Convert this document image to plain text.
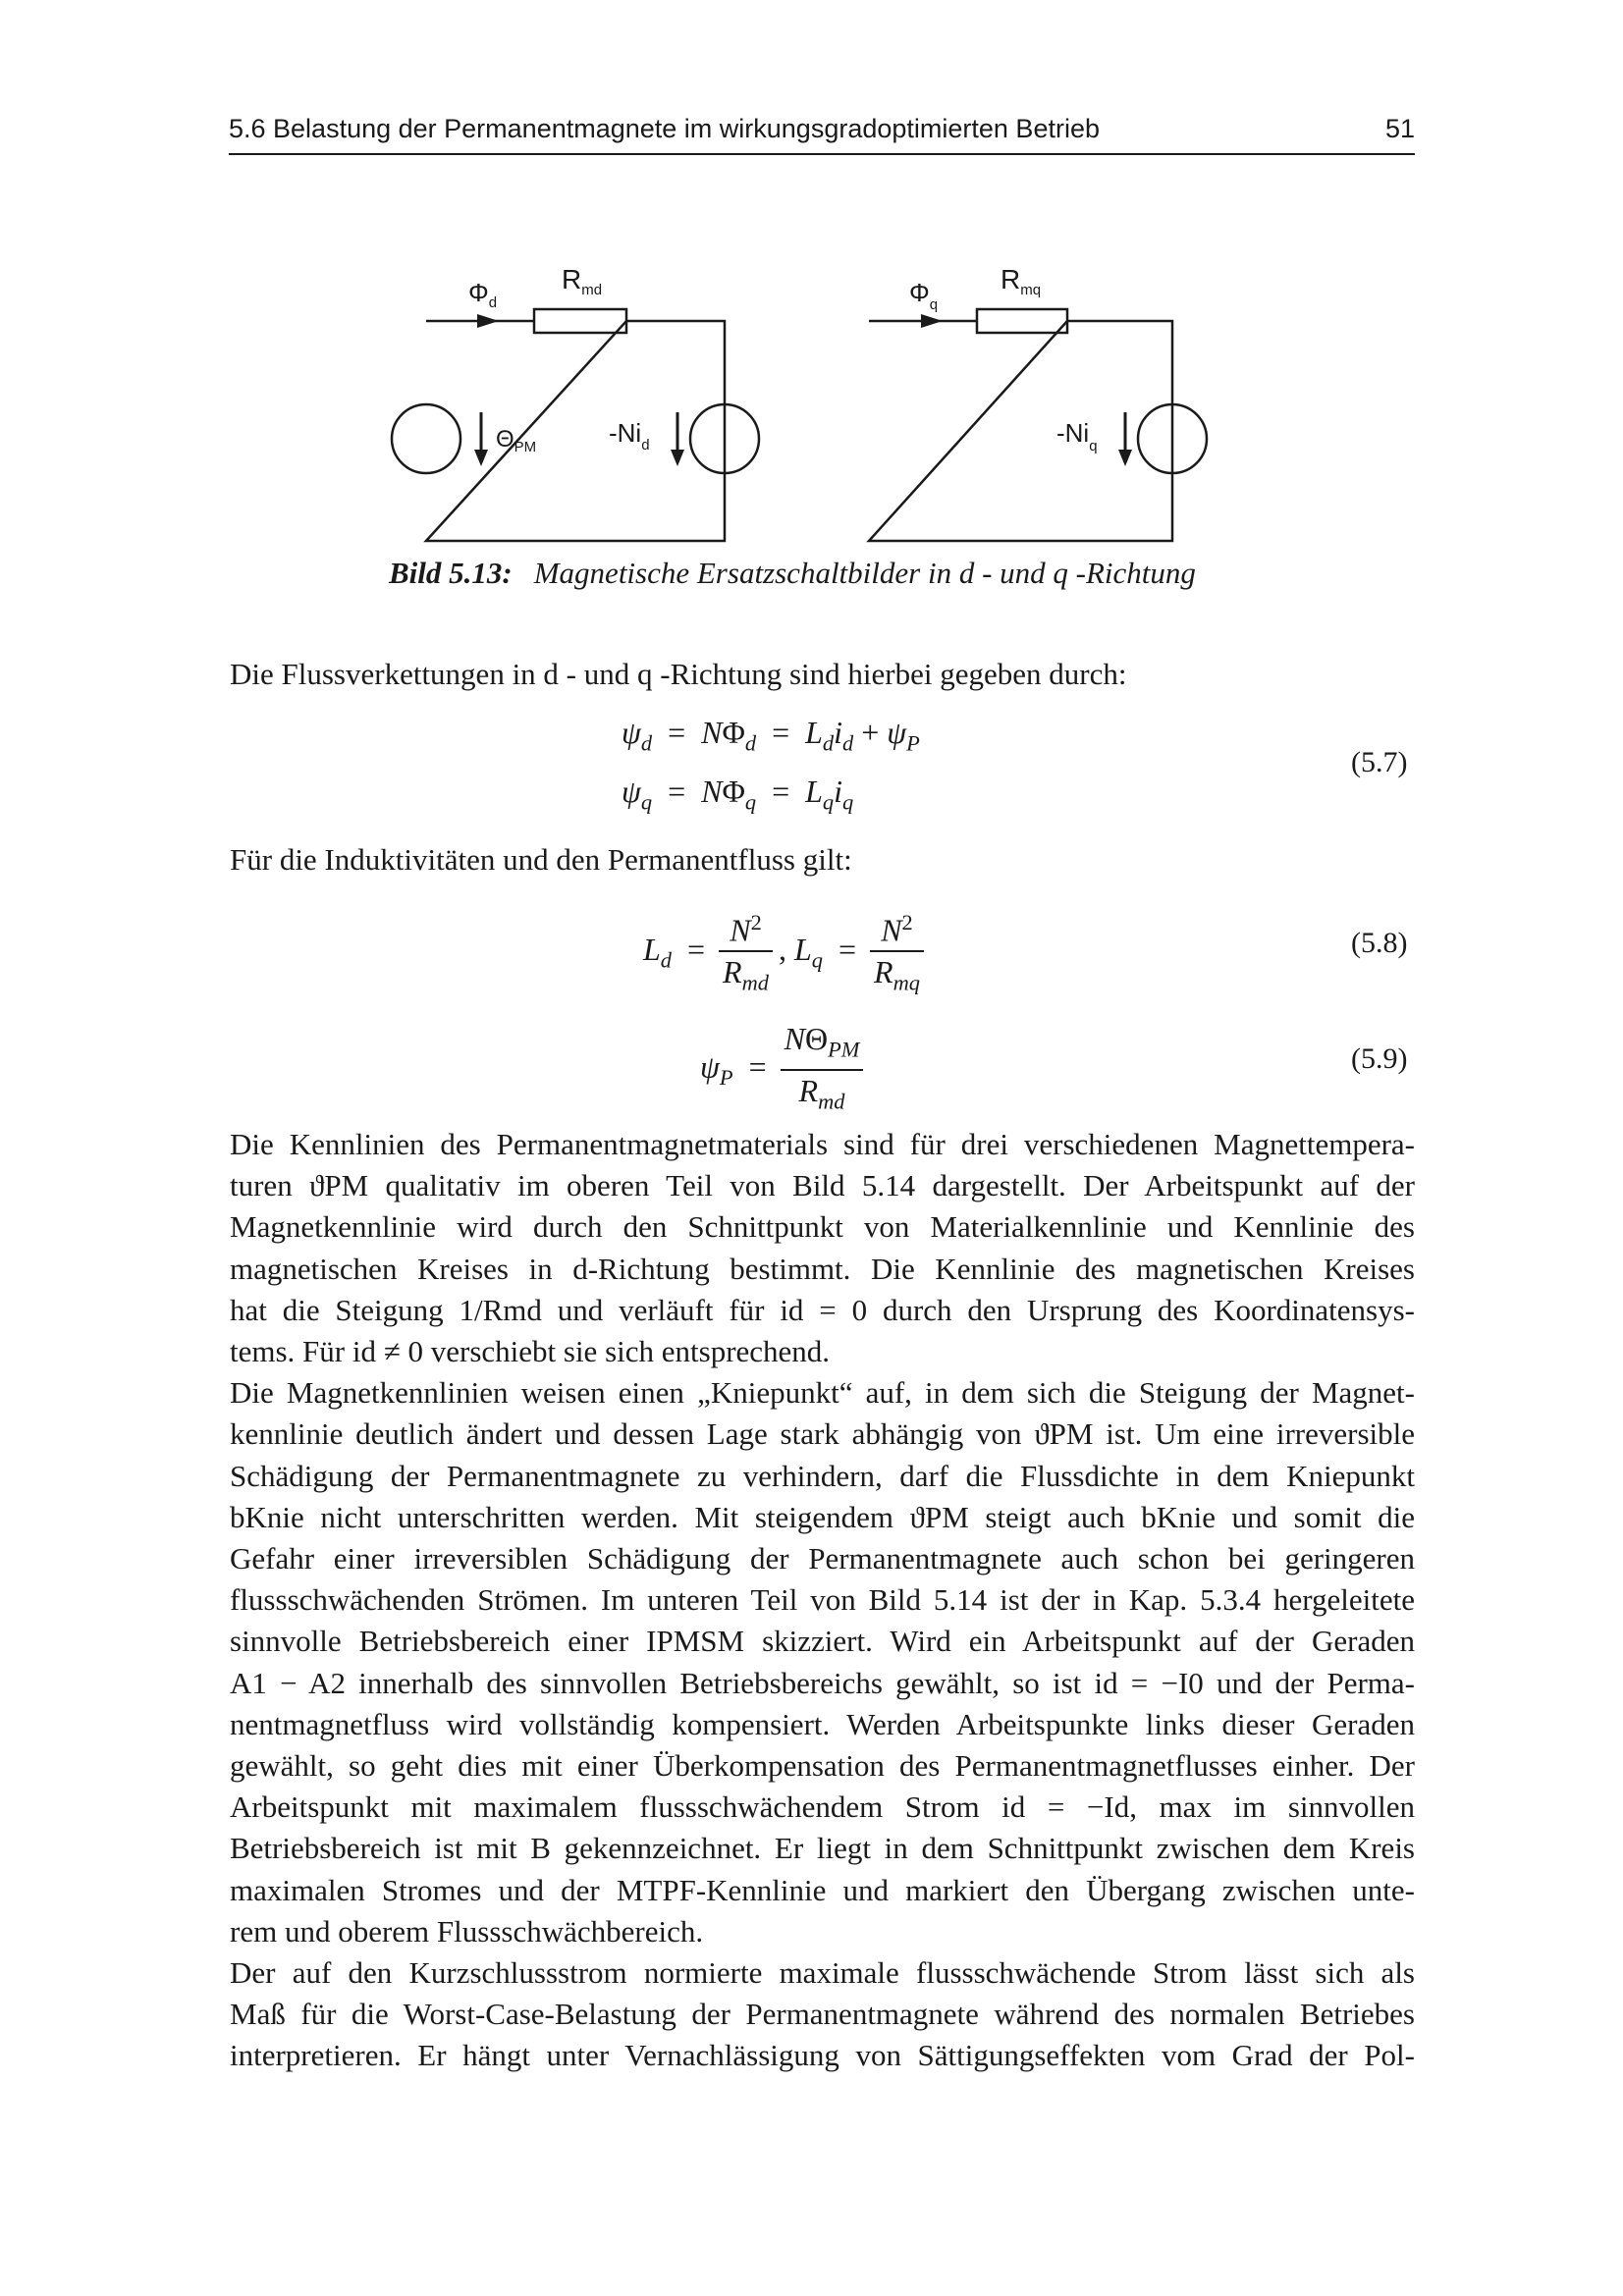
5.6 Belastung der Permanentmagnete im wirkungsgradoptimierten Betrieb	51
$\Phi_d$
$R_{md}$
$\Theta_{PM}$	$-Ni_d$
$\Phi_q$
$R_{mq}$
$-Ni_q$
Bild 5.13: Magnetische Ersatzschaltbilder in d - und q -Richtung

Die Flussverkettungen in d - und q -Richtung sind hierbei gegeben durch:

$\psi_d = N\Phi_d = L_di_d + \psi_P$
$\psi_q = N\Phi_q = L_qi_q$
(5.7)

Für die Induktivitäten und den Permanentfluss gilt:

$L_d = \frac{N^2}{R_{md}}$ , $L_q = \frac{N^2}{R_{mq}}$	(5.8)
$\psi_P = \frac{N\Theta_{PM}}{R_{md}}$	(5.9)
Die Kennlinien des Permanentmagnetmaterials sind für drei verschiedenen Magnettempera-
turen ϑPM qualitativ im oberen Teil von Bild 5.14 dargestellt. Der Arbeitspunkt auf der
Magnetkennlinie wird durch den Schnittpunkt von Materialkennlinie und Kennlinie des
magnetischen Kreises in d-Richtung bestimmt. Die Kennlinie des magnetischen Kreises
hat die Steigung 1/Rmd und verläuft für id = 0 durch den Ursprung des Koordinatensys-
tems. Für id ≠ 0 verschiebt sie sich entsprechend.
Die Magnetkennlinien weisen einen „Kniepunkt“ auf, in dem sich die Steigung der Magnet-
kennlinie deutlich ändert und dessen Lage stark abhängig von ϑPM ist. Um eine irreversible
Schädigung der Permanentmagnete zu verhindern, darf die Flussdichte in dem Kniepunkt
bKnie nicht unterschritten werden. Mit steigendem ϑPM steigt auch bKnie und somit die
Gefahr einer irreversiblen Schädigung der Permanentmagnete auch schon bei geringeren
flussschwächenden Strömen. Im unteren Teil von Bild 5.14 ist der in Kap. 5.3.4 hergeleitete
sinnvolle Betriebsbereich einer IPMSM skizziert. Wird ein Arbeitspunkt auf der Geraden
A1 − A2 innerhalb des sinnvollen Betriebsbereichs gewählt, so ist id = −I0 und der Perma-
nentmagnetfluss wird vollständig kompensiert. Werden Arbeitspunkte links dieser Geraden
gewählt, so geht dies mit einer Überkompensation des Permanentmagnetflusses einher. Der
Arbeitspunkt mit maximalem flussschwächendem Strom id = −Id, max im sinnvollen
Betriebsbereich ist mit B gekennzeichnet. Er liegt in dem Schnittpunkt zwischen dem Kreis
maximalen Stromes und der MTPF-Kennlinie und markiert den Übergang zwischen unte-
rem und oberem Flussschwächbereich.
Der auf den Kurzschlussstrom normierte maximale flussschwächende Strom lässt sich als
Maß für die Worst-Case-Belastung der Permanentmagnete während des normalen Betriebes
interpretieren. Er hängt unter Vernachlässigung von Sättigungseffekten vom Grad der Pol-
